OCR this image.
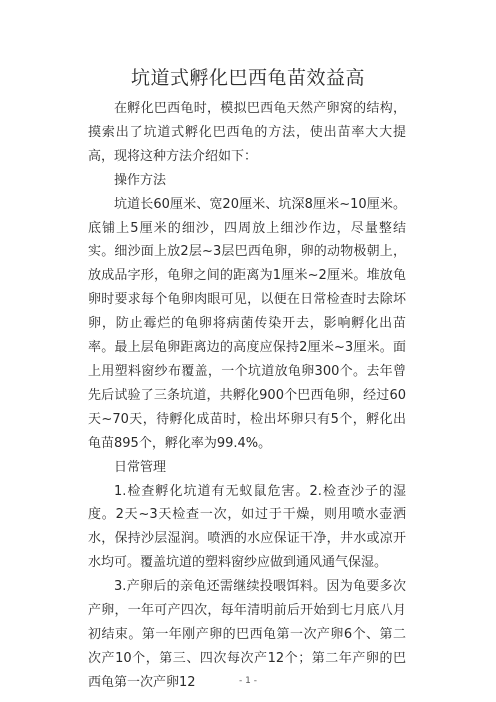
坑道式孵化巴西龟苗效益高

在孵化巴西龟时，模拟巴西龟天然产卵窝的结构，摸索出了坑道式孵化巴西龟的方法，使出苗率大大提高，现将这种方法介绍如下：

操作方法

坑道长60厘米、宽20厘米、坑深8厘米~10厘米。底铺上5厘米的细沙，四周放上细沙作边，尽量整结实。细沙面上放2层~3层巴西龟卵，卵的动物极朝上，放成品字形，龟卵之间的距离为1厘米~2厘米。堆放龟卵时要求每个龟卵肉眼可见，以便在日常检查时去除坏卵，防止霉烂的龟卵将病菌传染开去，影响孵化出苗率。最上层龟卵距离边的高度应保持2厘米~3厘米。面上用塑料窗纱布覆盖，一个坑道放龟卵300个。去年曾先后试验了三条坑道，共孵化900个巴西龟卵，经过60天~70天，待孵化成苗时，检出坏卵只有5个，孵化出龟苗895个，孵化率为99.4%。

日常管理

1.检查孵化坑道有无蚁鼠危害。2.检查沙子的湿度。2天~3天检查一次，如过于干燥，则用喷水壶洒水，保持沙层湿润。喷洒的水应保证干净，井水或凉开水均可。覆盖坑道的塑料窗纱应做到通风通气保湿。

3.产卵后的亲龟还需继续投喂饵料。因为龟要多次产卵，一年可产四次，每年清明前后开始到七月底八月初结束。第一年刚产卵的巴西龟第一次产卵6个、第二次产10个，第三、四次每次产12个；第二年产卵的巴西龟第一次产卵12	- 1 -
